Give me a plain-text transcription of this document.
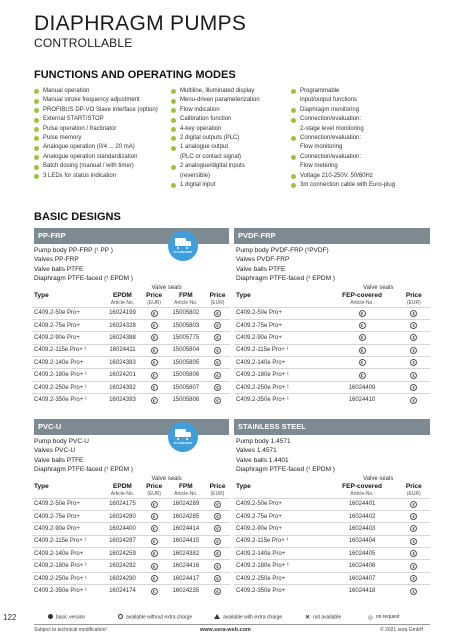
DIAPHRAGM PUMPS
CONTROLLABLE
FUNCTIONS AND OPERATING MODES
Manual operation
Manual stroke frequency adjustment
PROFIBUS DP-VO Slave interface (option)
External START/STOP
Pulse operation / fractinator
Pulse memory
Analogue operation (0/4 ... 20 mA)
Analogue operation standardization
Batch dosing (manual / with timer)
3 LEDs for status indication
Multiline, illuminated display
Menu-driven parameterization
Flow indication
Calibration function
4-key operation
2 digital outputs (PLC)
1 analogue output
(PLC or contact signal)
2 analogue/digital inputs
(reversible)
1 digital input
Programmable
input/output functions
Diaphragm monitoring
Connection/evaluation:
2-stage level monitoring
Connection/evaluation:
Flow monitoring
Connection/evaluation:
Flow metering
Voltage 210-250V, 50/60Hz
3m connection cable with Euro-plug
BASIC DESIGNS
PP-FRP
24 h DELIVERY
Pump body PP-FRP (¹ PP )
Valves PP-FRP
Valve balls PTFE
Diaphragm PTFE-faced (¹ EPDM )
	Valve seals			
Type	EPDM	Price	FPM	Price
	Article-No.	(EUR)	Article-No.	(EUR)
C409.2-50e Pro+	16024199	€	15005802	€
C409.2-75e Pro+	16024328	€	15005803	€
C409.2-90e Pro+	16024388	€	15005775	€
C409.2-115e Pro+ ¹	16024411	€	15005804	€
C409.2-140e Pro+	16024383	€	15005805	€
C409.2-180e Pro+ ¹	16024201	€	15005806	€
C409.2-250e Pro+ ¹	16024392	€	15005807	€
C409.2-350e Pro+ ¹	16024393	€	15005808	€
PVDF-FRP
Pump body PVDF-FRP (¹PVDF)
Valves PVDF-FRP
Valve balls PTFE
Diaphragm PTFE-faced (¹ EPDM )
	Valve seals	
Type	FEP-covered	Price
	Article-No.	(EUR)
C409.2-50e Pro+	€	€
C409.2-75e Pro+	€	€
C409.2-90e Pro+	€	€
C409.2-115e Pro+ ¹	€	€
C409.2-140e Pro+	€	€
C409.2-180e Pro+ ¹	€	€
C409.2-250e Pro+ ¹	16024409	€
C409.2-350e Pro+ ¹	16024410	€
PVC-U
24 h DELIVERY
Pump body PVC-U
Valves PVC-U
Valve balls PTFE
Diaphragm PTFE-faced (¹ EPDM )
	Valve seals			
Type	EPDM	Price	FPM	Price
	Article-No.	(EUR)	Article-No.	(EUR)
C409.2-50e Pro+	16024175	€	16024289	€
C409.2-75e Pro+	16024280	€	16024285	€
C409.2-90e Pro+	16024400	€	16024414	€
C409.2-115e Pro+ ¹	16024287	€	16024415	€
C409.2-140e Pro+	16024259	€	16024382	€
C409.2-180e Pro+ ¹	16024292	€	16024416	€
C409.2-250e Pro+ ¹	16024290	€	16024417	€
C409.2-350e Pro+ ¹	16024174	€	16024235	€
STAINLESS STEEL
Pump body 1.4571
Valves 1.4571
Valve balls 1.4401
Diaphragm PTFE-faced (¹ EPDM )
	Valve seals	
Type	FEP-covered	Price
	Article-No.	(EUR)
C409.2-50e Pro+	16024401	€
C409.2-75e Pro+	16024402	€
C409.2-90e Pro+	16024403	€
C409.2-115e Pro+ ¹	16024404	€
C409.2-140e Pro+	16024405	€
C409.2-180e Pro+ ¹	16024406	€
C409.2-250e Pro+	16024407	€
C409.2-350e Pro+	16024418	€
122	basic version	available without extra charge	available with extra charge	✕ not available	◎ on request
Subject to technical modification!	www.sera-web.com	© 2021 sera GmbH
